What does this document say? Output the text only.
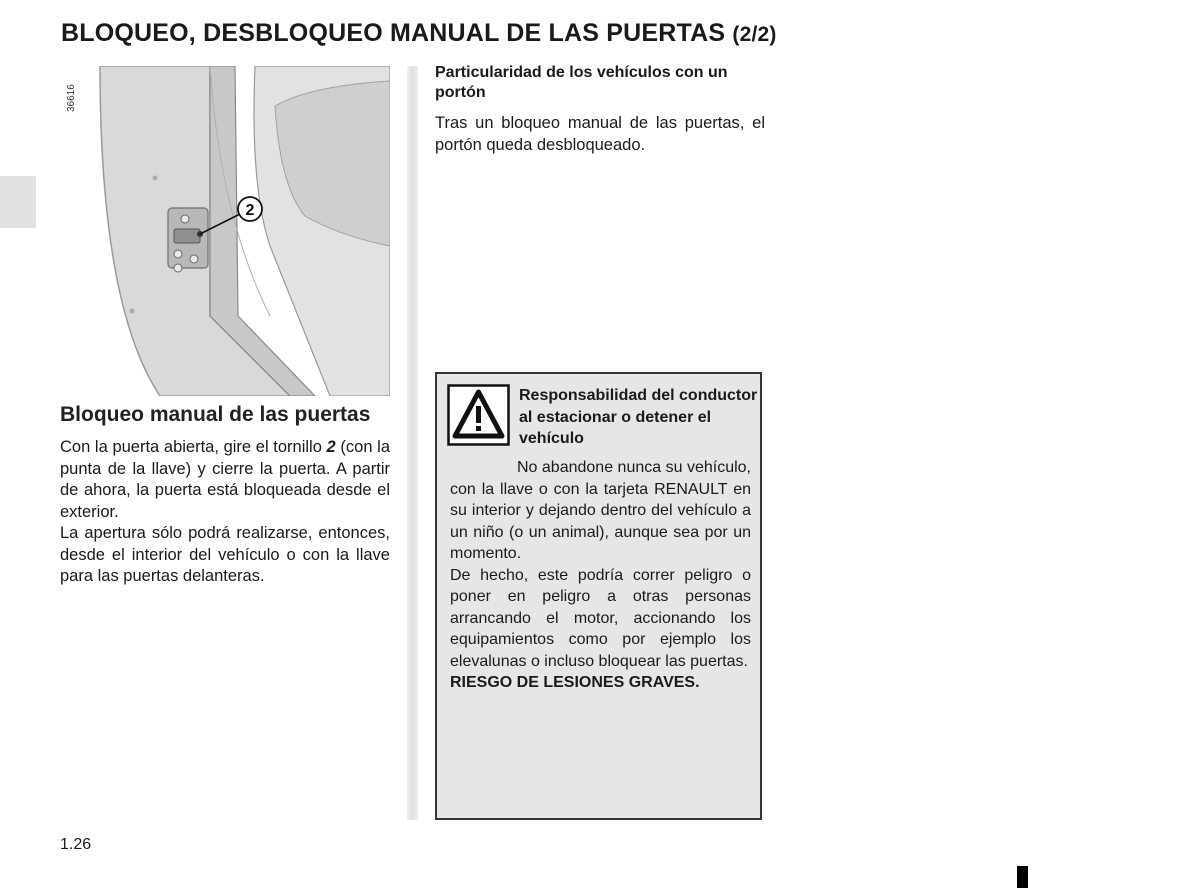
BLOQUEO, DESBLOQUEO MANUAL DE LAS PUERTAS (2/2)
2
36616
Bloqueo manual de las puertas

Con la puerta abierta, gire el tornillo 2 (con la punta de la llave) y cierre la puerta. A partir de ahora, la puerta está bloqueada desde el exterior.

La apertura sólo podrá realizarse, entonces, desde el interior del vehículo o con la llave para las puertas delanteras.

Particularidad de los vehículos con un portón

Tras un bloqueo manual de las puertas, el portón queda desbloqueado.

Responsabilidad del conductor al estacionar o detener el vehículo
No abandone nunca su vehículo, con la llave o con la tarjeta RENAULT en su interior y dejando dentro del vehículo a un niño (o un animal), aunque sea por un momento.
De hecho, este podría correr peligro o poner en peligro a otras personas arrancando el motor, accionando los equipamientos como por ejemplo los elevalunas o incluso bloquear las puertas.
RIESGO DE LESIONES GRAVES.
1.26
